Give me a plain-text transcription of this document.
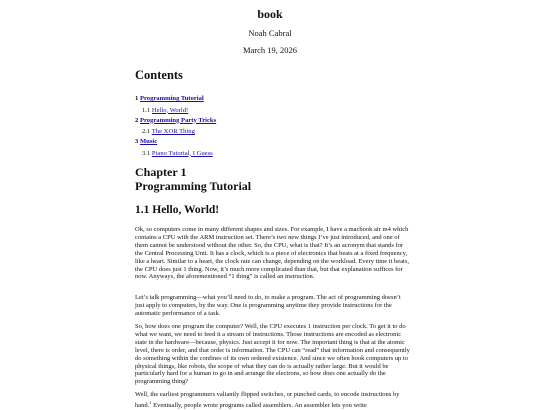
book
Noah Cabral
March 19, 2026
Contents
1 Programming Tutorial
1.1 Hello, World!
2 Programming Party Tricks
2.1 The XOR Thing
3 Music
3.1 Piano Tutorial, I Guess
Chapter 1
Programming Tutorial
1.1 Hello, World!
Ok, so computers come in many different shapes and sizes. For example, I have a macbook air m4 which contains a CPU with the ARM instruction set. There’s two new things I’ve just introduced, and one of them cannot be understood without the other. So, the CPU, what is that? It’s an acronym that stands for the Central Processing Unit. It has a clock, which is a piece of electronics that beats at a fixed frequency, like a heart. Similar to a heart, the clock rate can change, depending on the workload. Every time it beats, the CPU does just 1 thing. Now, it’s much more complicated than that, but that explanation suffices for now. Anyways, the aforementioned “1 thing” is called an instruction.
Let’s talk programming—what you’ll need to do, to make a program. The act of programming doesn’t just apply to computers, by the way. One is programming anytime they provide instructions for the automatic performance of a task.
So, how does one program the computer? Well, the CPU executes 1 instruction per clock. To get it to do what we want, we need to feed it a stream of instructions. Those instructions are encoded as electronic state in the hardware—because, physics. Just accept it for now. The important thing is that at the atomic level, there is order, and that order is information. The CPU can “read” that information and consequently do something within the confines of its own ordered existence. And since we often hook computers up to physical things, like robots, the scope of what they can do is actually rather large. But it would be particularly hard for a human to go in and arrange the electrons, so how does one actually do the programming thing?
Well, the earliest programmers valiantly flipped switches, or punched cards, to encode instructions by hand.$^1$ Eventually, people wrote programs called assemblers. An assembler lets you write
